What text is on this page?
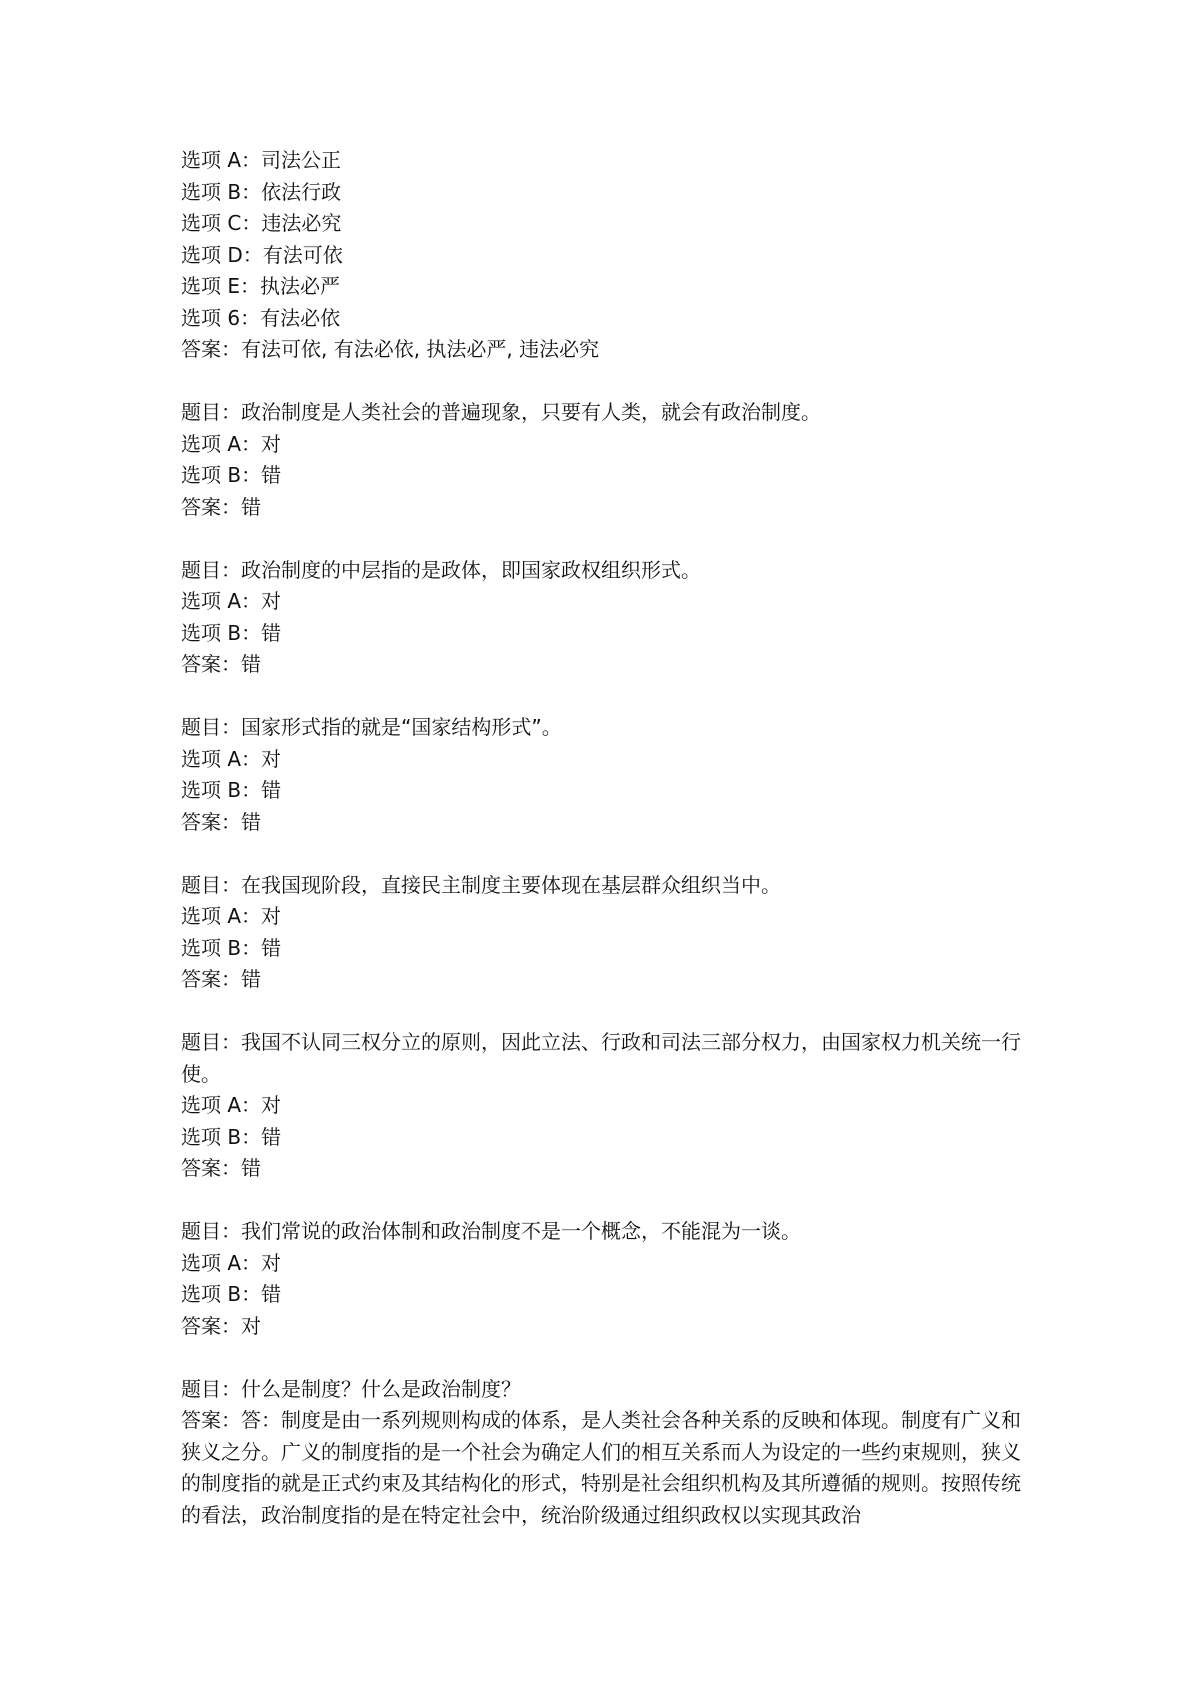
选项 A：司法公正
选项 B：依法行政
选项 C：违法必究
选项 D：有法可依
选项 E：执法必严
选项 6：有法必依
答案：有法可依, 有法必依, 执法必严, 违法必究
题目：政治制度是人类社会的普遍现象，只要有人类，就会有政治制度。
选项 A：对
选项 B：错
答案：错
题目：政治制度的中层指的是政体，即国家政权组织形式。
选项 A：对
选项 B：错
答案：错
题目：国家形式指的就是“国家结构形式”。
选项 A：对
选项 B：错
答案：错
题目：在我国现阶段，直接民主制度主要体现在基层群众组织当中。
选项 A：对
选项 B：错
答案：错
题目：我国不认同三权分立的原则，因此立法、行政和司法三部分权力，由国家权力机关统一行使。
选项 A：对
选项 B：错
答案：错
题目：我们常说的政治体制和政治制度不是一个概念，不能混为一谈。
选项 A：对
选项 B：错
答案：对
题目：什么是制度？什么是政治制度？
答案：答：制度是由一系列规则构成的体系，是人类社会各种关系的反映和体现。制度有广义和狭义之分。广义的制度指的是一个社会为确定人们的相互关系而人为设定的一些约束规则，狭义的制度指的就是正式约束及其结构化的形式，特别是社会组织机构及其所遵循的规则。按照传统的看法，政治制度指的是在特定社会中，统治阶级通过组织政权以实现其政治
